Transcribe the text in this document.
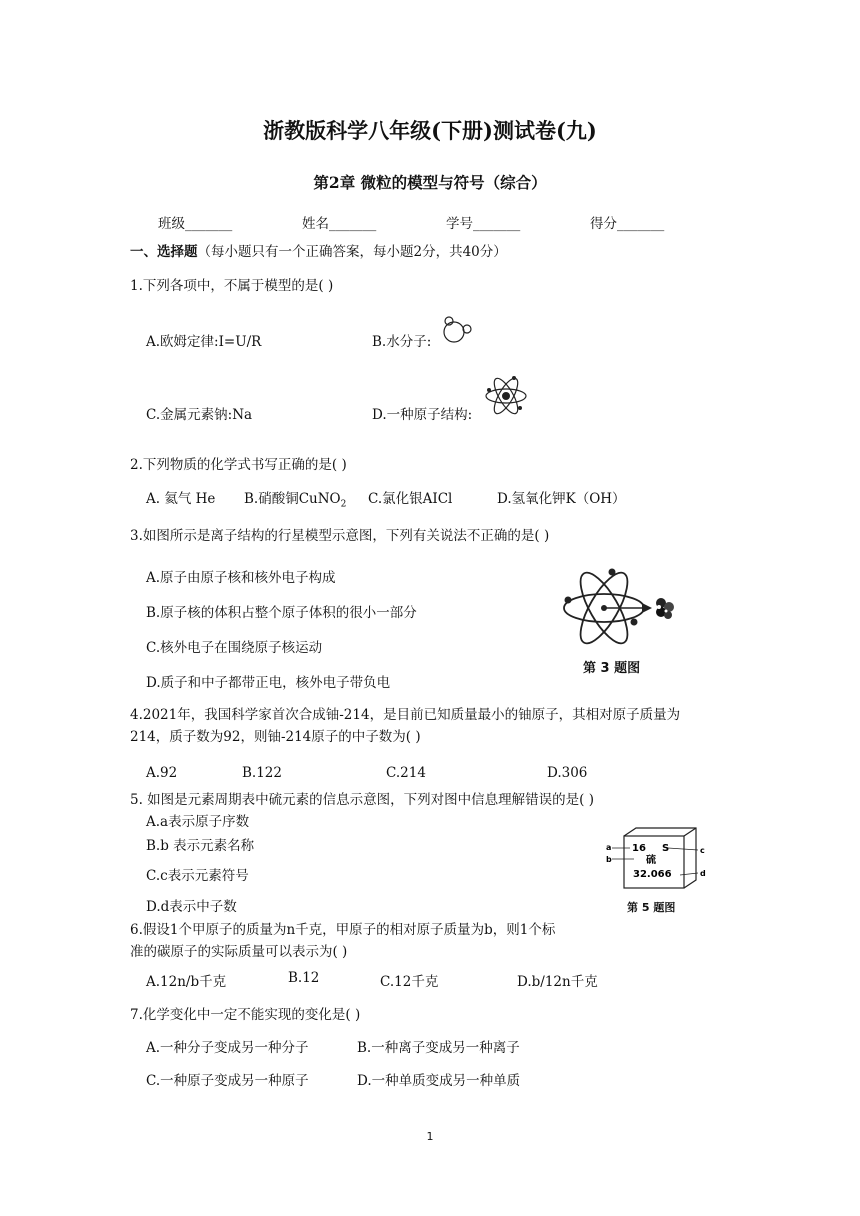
浙教版科学八年级(下册)测试卷(九)
第2章 微粒的模型与符号（综合）
班级_______	姓名_______	学号_______	得分_______
一、选择题（每小题只有一个正确答案，每小题2分，共40分）
1.下列各项中，不属于模型的是( )
A.欧姆定律:I=U/R	B.水分子:
C.金属元素钠:Na	D.一种原子结构:
2.下列物质的化学式书写正确的是( )
A. 氦气 He B.硝酸铜CuNO$_2$ C.氯化银AICl	D.氢氧化钾K（OH）
3.如图所示是离子结构的行星模型示意图，下列有关说法不正确的是( )
A.原子由原子核和核外电子构成
B.原子核的体积占整个原子体积的很小一部分
C.核外电子在围绕原子核运动
D.质子和中子都带正电，核外电子带负电
第 3 题图
4.2021年，我国科学家首次合成铀-214，是目前已知质量最小的铀原子，其相对原子质量为
214，质子数为92，则铀-214原子的中子数为( )
A.92	B.122	C.214	D.306
5. 如图是元素周期表中硫元素的信息示意图，下列对图中信息理解错误的是( )
A.a表示原子序数
B.b 表示元素名称
C.c表示元素符号
D.d表示中子数
a
b
c
d
16 S
硫
32.066
第 5 题图
6.假设1个甲原子的质量为n千克，甲原子的相对原子质量为b，则1个标
准的碳原子的实际质量可以表示为( )
A.12n/b千克	B.12	C.12千克	D.b/12n千克
7.化学变化中一定不能实现的变化是( )
A.一种分子变成另一种分子	B.一种离子变成另一种离子
C.一种原子变成另一种原子	D.一种单质变成另一种单质
1
